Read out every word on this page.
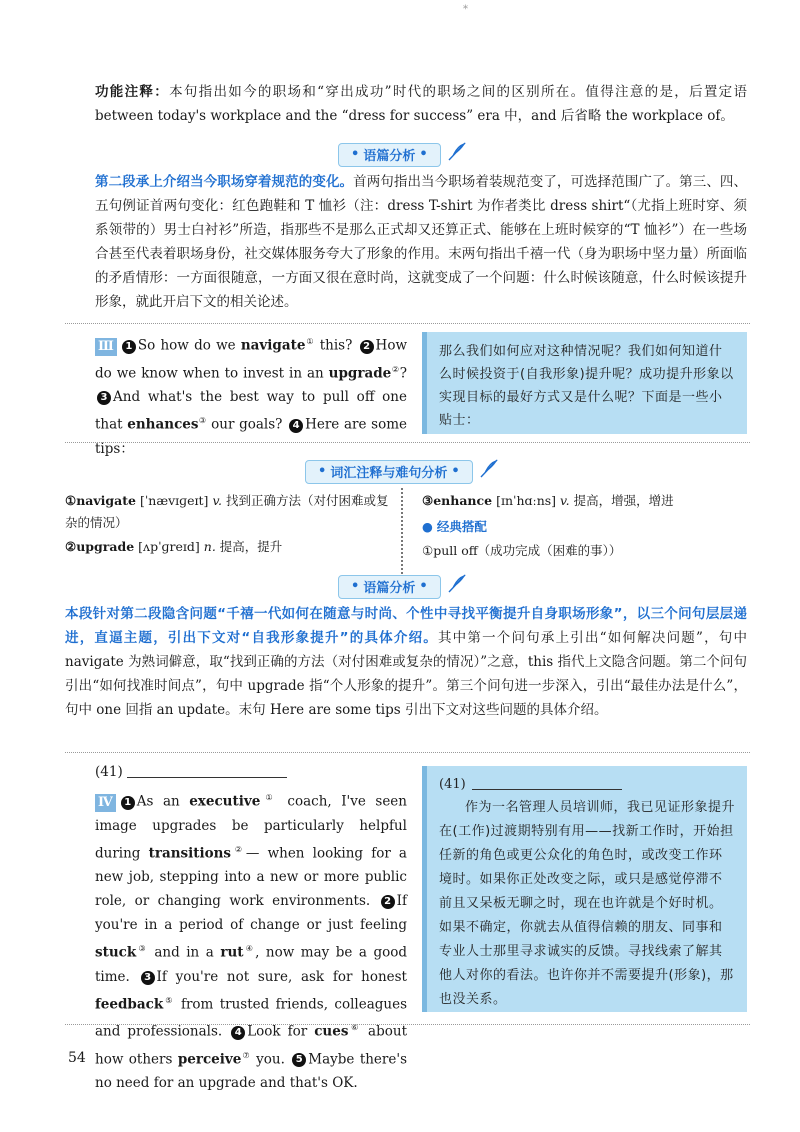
*
功能注释：本句指出如今的职场和“穿出成功”时代的职场之间的区别所在。值得注意的是，后置定语 between today's workplace and the “dress for success” era 中，and 后省略 the workplace of。
• 语篇分析 •

第二段承上介绍当今职场穿着规范的变化。首两句指出当今职场着装规范变了，可选择范围广了。第三、四、五句例证首两句变化：红色跑鞋和 T 恤衫（注：dress T-shirt 为作者类比 dress shirt“（尤指上班时穿、须系领带的）男士白衬衫”所造，指那些不是那么正式却又还算正式、能够在上班时候穿的“T 恤衫”）在一些场合甚至代表着职场身份，社交媒体服务夸大了形象的作用。末两句指出千禧一代（身为职场中坚力量）所面临的矛盾情形：一方面很随意，一方面又很在意时尚，这就变成了一个问题：什么时候该随意，什么时候该提升形象，就此开启下文的相关论述。
Ⅲ 1 So how do we navigate① this? 2 How do we know when to invest in an upgrade②? 3 And what's the best way to pull off one that enhances③ our goals? 4 Here are some tips：
那么我们如何应对这种情况呢？我们如何知道什么时候投资于(自我形象)提升呢？成功提升形象以实现目标的最好方式又是什么呢？下面是一些小贴士：
• 词汇注释与难句分析 •

①navigate [ˈnævɪɡeɪt] v. 找到正确方法（对付困难或复杂的情况）
②upgrade [ʌpˈɡreɪd] n. 提高，提升
③enhance [ɪnˈhɑːns] v. 提高，增强，增进
● 经典搭配
①pull off（成功完成（困难的事））
• 语篇分析 •

本段针对第二段隐含问题“千禧一代如何在随意与时尚、个性中寻找平衡提升自身职场形象”，以三个问句层层递进，直逼主题，引出下文对“自我形象提升”的具体介绍。其中第一个问句承上引出“如何解决问题”，句中 navigate 为熟词僻意，取“找到正确的方法（对付困难或复杂的情况）”之意，this 指代上文隐含问题。第二个问句引出“如何找准时间点”，句中 upgrade 指“个人形象的提升”。第三个问句进一步深入，引出“最佳办法是什么”，句中 one 回指 an update。末句 Here are some tips 引出下文对这些问题的具体介绍。
(41)
Ⅳ 1 As an executive① coach, I've seen image upgrades be particularly helpful during transitions②— when looking for a new job, stepping into a new or more public role, or changing work environments. 2 If you're in a period of change or just feeling stuck③ and in a rut④, now may be a good time. 3 If you're not sure, ask for honest feedback⑤ from trusted friends, colleagues and professionals. 4 Look for cues⑥ about how others perceive⑦ you. 5 Maybe there's no need for an upgrade and that's OK.
(41)
作为一名管理人员培训师，我已见证形象提升在(工作)过渡期特别有用——找新工作时，开始担任新的角色或更公众化的角色时，或改变工作环境时。如果你正处改变之际，或只是感觉停滞不前且又呆板无聊之时，现在也许就是个好时机。如果不确定，你就去从值得信赖的朋友、同事和专业人士那里寻求诚实的反馈。寻找线索了解其他人对你的看法。也许你并不需要提升(形象)，那也没关系。
54
